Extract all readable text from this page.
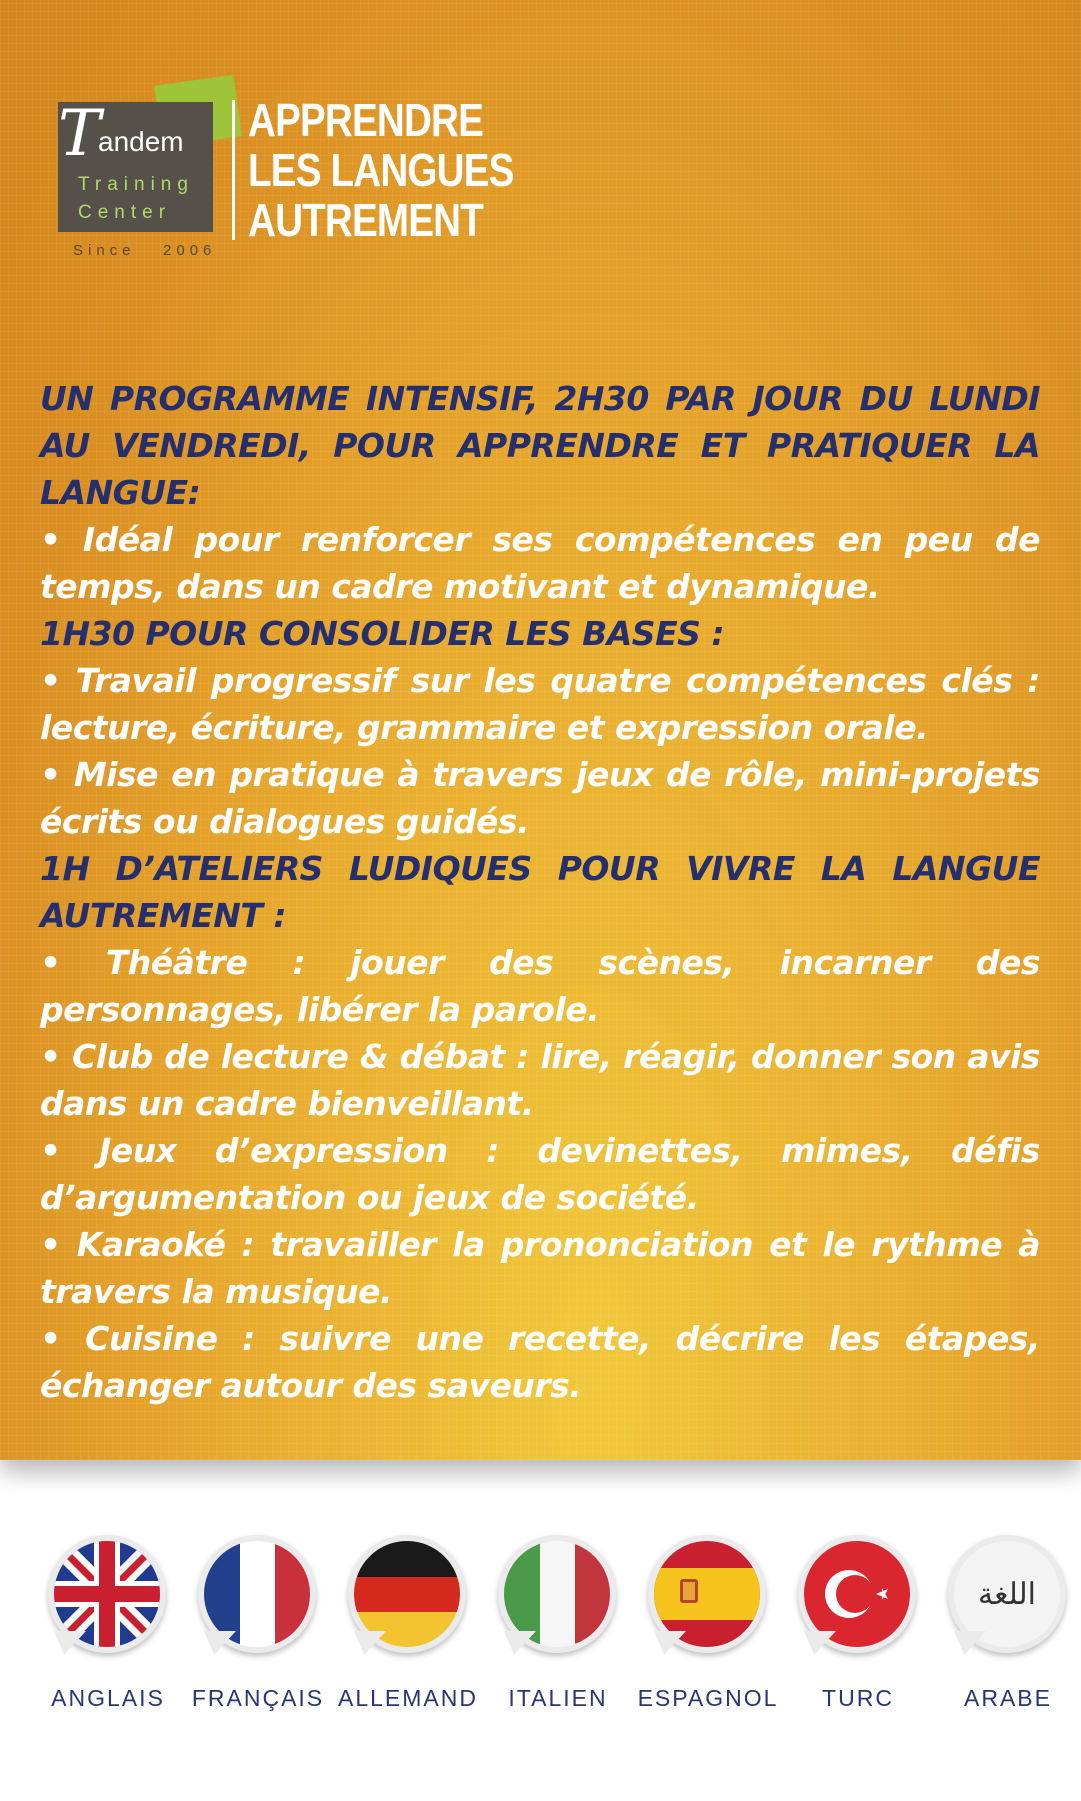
T
andem
Training
Center
Since   2006
APPRENDRE
LES LANGUES
AUTREMENT

UN PROGRAMME INTENSIF, 2H30 PAR JOUR DU LUNDI AU VENDREDI, POUR APPRENDRE ET PRATIQUER LA LANGUE:

• Idéal pour renforcer ses compétences en peu de temps, dans un cadre motivant et dynamique.

1H30 POUR CONSOLIDER LES BASES :

• Travail progressif sur les quatre compétences clés : lecture, écriture, grammaire et expression orale.

• Mise en pratique à travers jeux de rôle, mini-projets écrits ou dialogues guidés.

1H D’ATELIERS LUDIQUES POUR VIVRE LA LANGUE AUTREMENT :

• Théâtre : jouer des scènes, incarner des personnages, libérer la parole.

• Club de lecture & débat : lire, réagir, donner son avis dans un cadre bienveillant.

• Jeux d’expression : devinettes, mimes, défis d’argumentation ou jeux de société.

• Karaoké : travailler la prononciation et le rythme à travers la musique.

• Cuisine : suivre une recette, décrire les étapes, échanger autour des saveurs.

ANGLAIS	FRANÇAIS ALLEMAND	ITALIEN	ESPAGNOL	TURC
اللغة
ARABE
